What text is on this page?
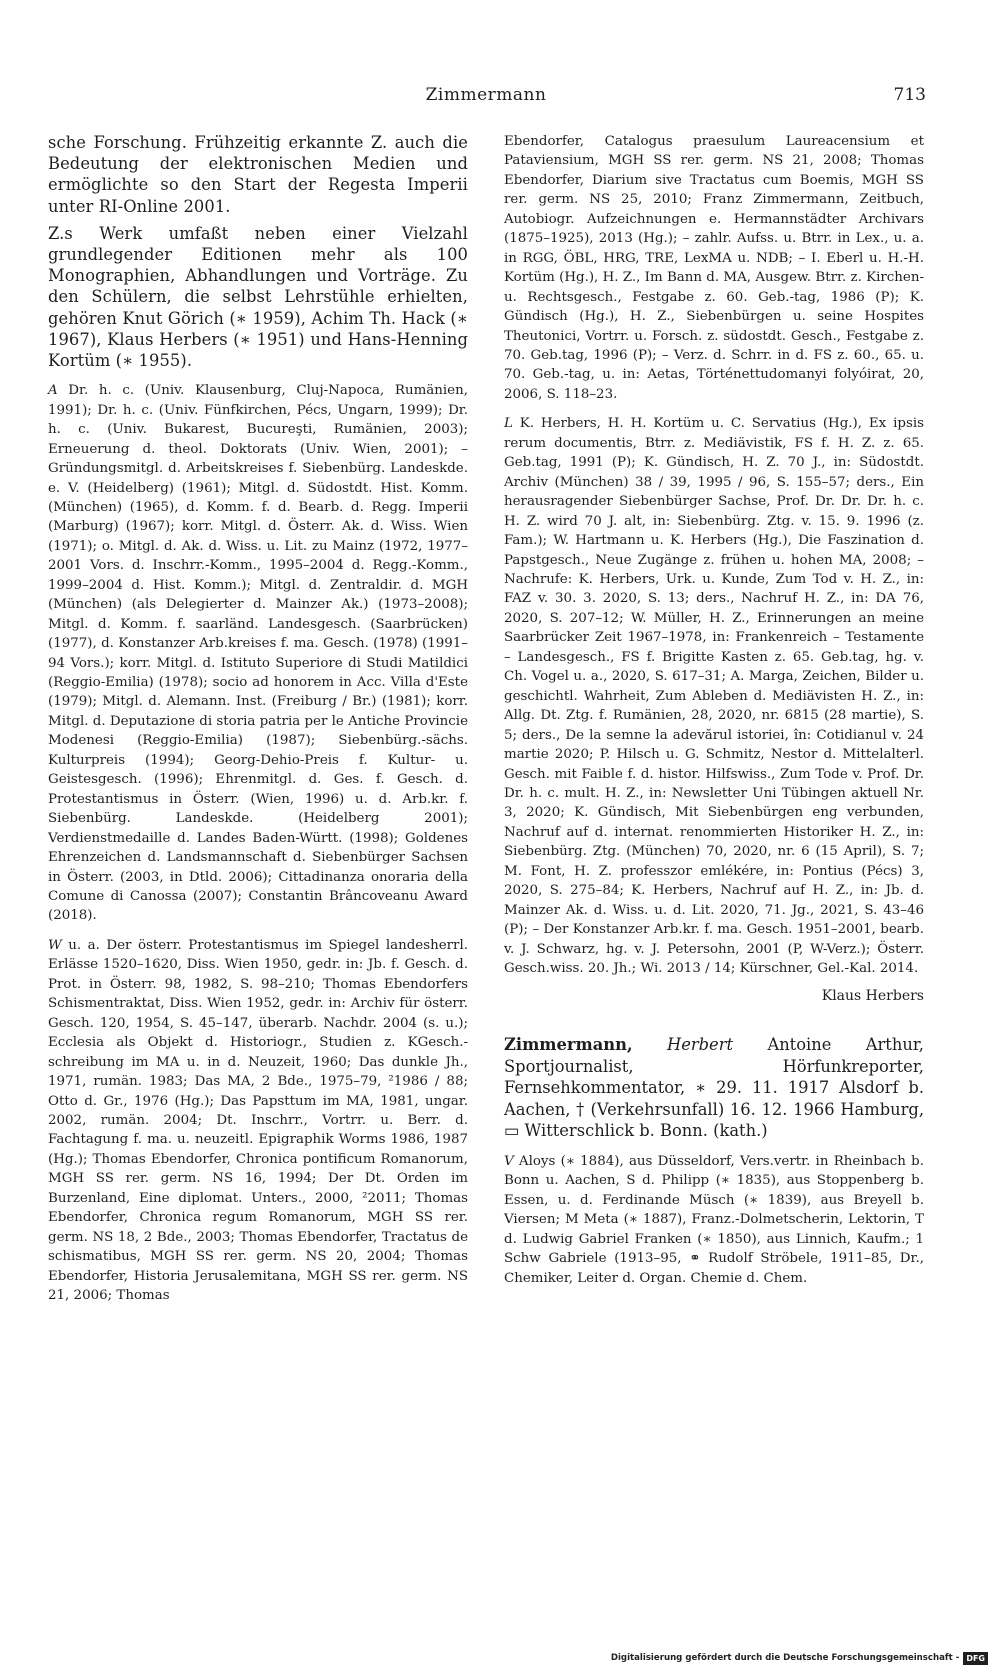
Zimmermann	713

sche Forschung. Frühzeitig erkannte Z. auch die Bedeutung der elektronischen Medien und ermöglichte so den Start der Regesta Imperii unter RI-Online 2001.

Z.s Werk umfaßt neben einer Vielzahl grundlegender Editionen mehr als 100 Monographien, Abhandlungen und Vorträge. Zu den Schülern, die selbst Lehrstühle erhielten, gehören Knut Görich (∗ 1959), Achim Th. Hack (∗ 1967), Klaus Herbers (∗ 1951) und Hans-Henning Kortüm (∗ 1955).

A Dr. h. c. (Univ. Klausenburg, Cluj-Napoca, Rumänien, 1991); Dr. h. c. (Univ. Fünfkirchen, Pécs, Ungarn, 1999); Dr. h. c. (Univ. Bukarest, Bucureşti, Rumänien, 2003); Erneuerung d. theol. Doktorats (Univ. Wien, 2001); – Gründungsmitgl. d. Arbeitskreises f. Siebenbürg. Landeskde. e. V. (Heidelberg) (1961); Mitgl. d. Südostdt. Hist. Komm. (München) (1965), d. Komm. f. d. Bearb. d. Regg. Imperii (Marburg) (1967); korr. Mitgl. d. Österr. Ak. d. Wiss. Wien (1971); o. Mitgl. d. Ak. d. Wiss. u. Lit. zu Mainz (1972, 1977–2001 Vors. d. Inschrr.-Komm., 1995–2004 d. Regg.-Komm., 1999–2004 d. Hist. Komm.); Mitgl. d. Zentraldir. d. MGH (München) (als Delegierter d. Mainzer Ak.) (1973–2008); Mitgl. d. Komm. f. saarländ. Landesgesch. (Saarbrücken) (1977), d. Konstanzer Arb.kreises f. ma. Gesch. (1978) (1991–94 Vors.); korr. Mitgl. d. Istituto Superiore di Studi Matildici (Reggio-Emilia) (1978); socio ad honorem in Acc. Villa d'Este (1979); Mitgl. d. Alemann. Inst. (Freiburg / Br.) (1981); korr. Mitgl. d. Deputazione di storia patria per le Antiche Provincie Modenesi (Reggio-Emilia) (1987); Siebenbürg.-sächs. Kulturpreis (1994); Georg-Dehio-Preis f. Kultur- u. Geistesgesch. (1996); Ehrenmitgl. d. Ges. f. Gesch. d. Protestantismus in Österr. (Wien, 1996) u. d. Arb.kr. f. Siebenbürg. Landeskde. (Heidelberg 2001); Verdienstmedaille d. Landes Baden-Württ. (1998); Goldenes Ehrenzeichen d. Landsmannschaft d. Siebenbürger Sachsen in Österr. (2003, in Dtld. 2006); Cittadinanza onoraria della Comune di Canossa (2007); Constantin Brâncoveanu Award (2018).

W u. a. Der österr. Protestantismus im Spiegel landesherrl. Erlässe 1520–1620, Diss. Wien 1950, gedr. in: Jb. f. Gesch. d. Prot. in Österr. 98, 1982, S. 98–210; Thomas Ebendorfers Schismentraktat, Diss. Wien 1952, gedr. in: Archiv für österr. Gesch. 120, 1954, S. 45–147, überarb. Nachdr. 2004 (s. u.); Ecclesia als Objekt d. Historiogr., Studien z. KGesch.-schreibung im MA u. in d. Neuzeit, 1960; Das dunkle Jh., 1971, rumän. 1983; Das MA, 2 Bde., 1975–79, ²1986 / 88; Otto d. Gr., 1976 (Hg.); Das Papsttum im MA, 1981, ungar. 2002, rumän. 2004; Dt. Inschrr., Vortrr. u. Berr. d. Fachtagung f. ma. u. neuzeitl. Epigraphik Worms 1986, 1987 (Hg.); Thomas Ebendorfer, Chronica pontificum Romanorum, MGH SS rer. germ. NS 16, 1994; Der Dt. Orden im Burzenland, Eine diplomat. Unters., 2000, ²2011; Thomas Ebendorfer, Chronica regum Romanorum, MGH SS rer. germ. NS 18, 2 Bde., 2003; Thomas Ebendorfer, Tractatus de schismatibus, MGH SS rer. germ. NS 20, 2004; Thomas Ebendorfer, Historia Jerusalemitana, MGH SS rer. germ. NS 21, 2006; Thomas

Ebendorfer, Catalogus praesulum Laureacensium et Pataviensium, MGH SS rer. germ. NS 21, 2008; Thomas Ebendorfer, Diarium sive Tractatus cum Boemis, MGH SS rer. germ. NS 25, 2010; Franz Zimmermann, Zeitbuch, Autobiogr. Aufzeichnungen e. Hermannstädter Archivars (1875–1925), 2013 (Hg.); – zahlr. Aufss. u. Btrr. in Lex., u. a. in RGG, ÖBL, HRG, TRE, LexMA u. NDB; – I. Eberl u. H.-H. Kortüm (Hg.), H. Z., Im Bann d. MA, Ausgew. Btrr. z. Kirchen- u. Rechtsgesch., Festgabe z. 60. Geb.-tag, 1986 (P); K. Gündisch (Hg.), H. Z., Siebenbürgen u. seine Hospites Theutonici, Vortrr. u. Forsch. z. südostdt. Gesch., Festgabe z. 70. Geb.tag, 1996 (P); – Verz. d. Schrr. in d. FS z. 60., 65. u. 70. Geb.-tag, u. in: Aetas, Történettudomanyi folyóirat, 20, 2006, S. 118–23.

L K. Herbers, H. H. Kortüm u. C. Servatius (Hg.), Ex ipsis rerum documentis, Btrr. z. Mediävistik, FS f. H. Z. z. 65. Geb.tag, 1991 (P); K. Gündisch, H. Z. 70 J., in: Südostdt. Archiv (München) 38 / 39, 1995 / 96, S. 155–57; ders., Ein herausragender Siebenbürger Sachse, Prof. Dr. Dr. Dr. h. c. H. Z. wird 70 J. alt, in: Siebenbürg. Ztg. v. 15. 9. 1996 (z. Fam.); W. Hartmann u. K. Herbers (Hg.), Die Faszination d. Papstgesch., Neue Zugänge z. frühen u. hohen MA, 2008; – Nachrufe: K. Herbers, Urk. u. Kunde, Zum Tod v. H. Z., in: FAZ v. 30. 3. 2020, S. 13; ders., Nachruf H. Z., in: DA 76, 2020, S. 207–12; W. Müller, H. Z., Erinnerungen an meine Saarbrücker Zeit 1967–1978, in: Frankenreich – Testamente – Landesgesch., FS f. Brigitte Kasten z. 65. Geb.tag, hg. v. Ch. Vogel u. a., 2020, S. 617–31; A. Marga, Zeichen, Bilder u. geschichtl. Wahrheit, Zum Ableben d. Mediävisten H. Z., in: Allg. Dt. Ztg. f. Rumänien, 28, 2020, nr. 6815 (28 martie), S. 5; ders., De la semne la adevărul istoriei, în: Cotidianul v. 24 martie 2020; P. Hilsch u. G. Schmitz, Nestor d. Mittelalterl. Gesch. mit Faible f. d. histor. Hilfswiss., Zum Tode v. Prof. Dr. Dr. h. c. mult. H. Z., in: Newsletter Uni Tübingen aktuell Nr. 3, 2020; K. Gündisch, Mit Siebenbürgen eng verbunden, Nachruf auf d. internat. renommierten Historiker H. Z., in: Siebenbürg. Ztg. (München) 70, 2020, nr. 6 (15 April), S. 7; M. Font, H. Z. professzor emlékére, in: Pontius (Pécs) 3, 2020, S. 275–84; K. Herbers, Nachruf auf H. Z., in: Jb. d. Mainzer Ak. d. Wiss. u. d. Lit. 2020, 71. Jg., 2021, S. 43–46 (P); – Der Konstanzer Arb.kr. f. ma. Gesch. 1951–2001, bearb. v. J. Schwarz, hg. v. J. Petersohn, 2001 (P, W-Verz.); Österr. Gesch.wiss. 20. Jh.; Wi. 2013 / 14; Kürschner, Gel.-Kal. 2014.

Klaus Herbers

Zimmermann, Herbert Antoine Arthur, Sportjournalist, Hörfunkreporter, Fernsehkommentator, ∗ 29. 11. 1917 Alsdorf b. Aachen, † (Verkehrsunfall) 16. 12. 1966 Hamburg, ▭ Witterschlick b. Bonn. (kath.)

V Aloys (∗ 1884), aus Düsseldorf, Vers.vertr. in Rheinbach b. Bonn u. Aachen, S d. Philipp (∗ 1835), aus Stoppenberg b. Essen, u. d. Ferdinande Müsch (∗ 1839), aus Breyell b. Viersen; M Meta (∗ 1887), Franz.-Dolmetscherin, Lektorin, T d. Ludwig Gabriel Franken (∗ 1850), aus Linnich, Kaufm.; 1 Schw Gabriele (1913–95, ⚭ Rudolf Ströbele, 1911–85, Dr., Chemiker, Leiter d. Organ. Chemie d. Chem.

Digitalisierung gefördert durch die Deutsche Forschungsgemeinschaft - DFG
